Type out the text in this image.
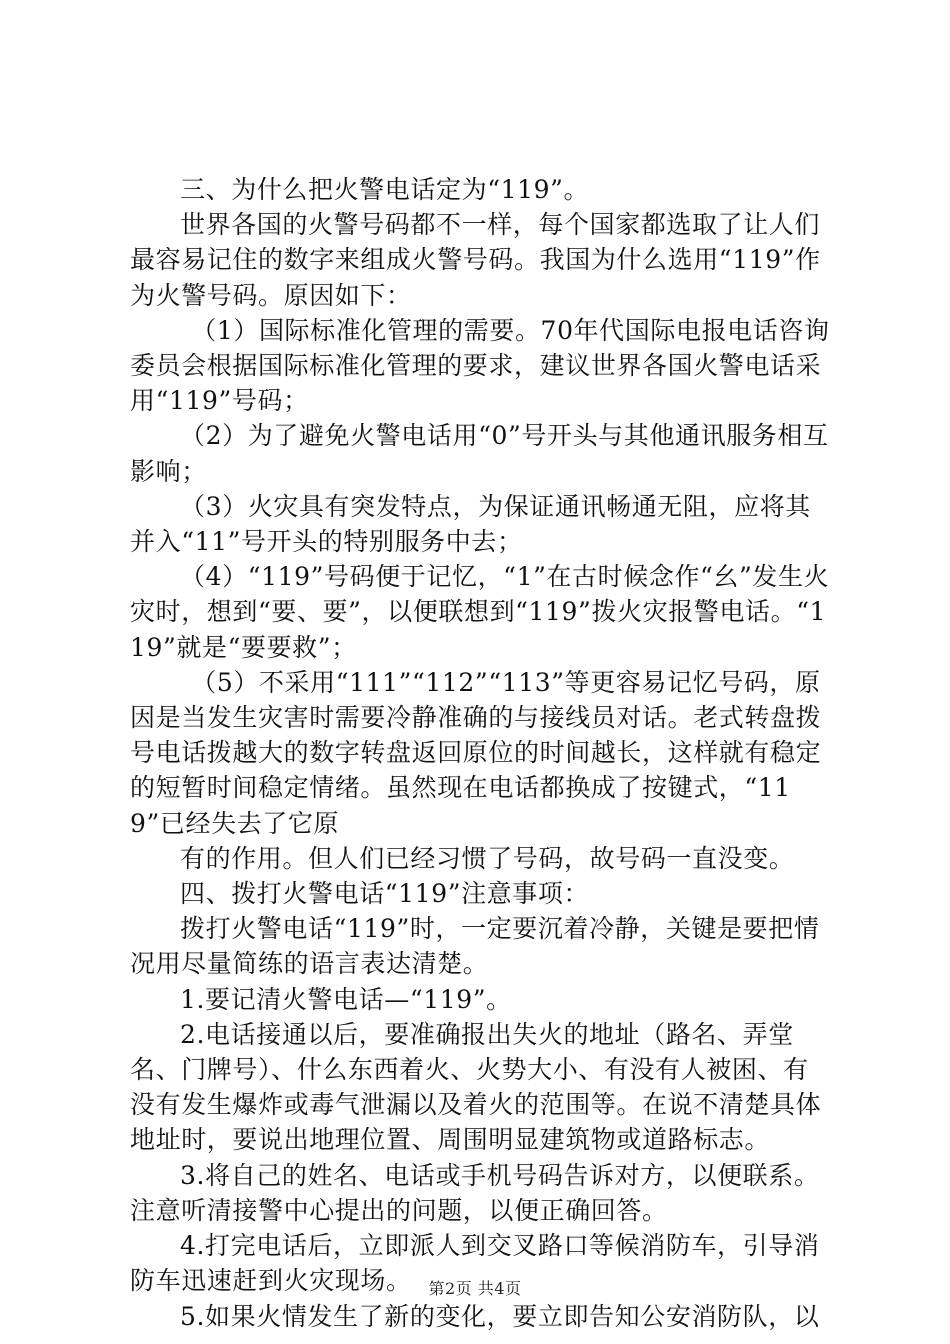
三、为什么把火警电话定为“119”。

世界各国的火警号码都不一样，每个国家都选取了让人们最容易记住的数字来组成火警号码。我国为什么选用“119”作为火警号码。原因如下：

（1）国际标准化管理的需要。70年代国际电报电话咨询委员会根据国际标准化管理的要求，建议世界各国火警电话采用“119”号码；

（2）为了避免火警电话用“0”号开头与其他通讯服务相互影响；

（3）火灾具有突发特点，为保证通讯畅通无阻，应将其并入“11”号开头的特别服务中去；

（4）“119”号码便于记忆，“1”在古时候念作“幺”发生火灾时，想到“要、要”，以便联想到“119”拨火灾报警电话。“119”就是“要要救”；

（5）不采用“111”“112”“113”等更容易记忆号码，原因是当发生灾害时需要冷静准确的与接线员对话。老式转盘拨号电话拨越大的数字转盘返回原位的时间越长，这样就有稳定的短暂时间稳定情绪。虽然现在电话都换成了按键式，“119”已经失去了它原

有的作用。但人们已经习惯了号码，故号码一直没变。

四、拨打火警电话“119”注意事项：

拨打火警电话“119”时，一定要沉着冷静，关键是要把情况用尽量简练的语言表达清楚。

1.要记清火警电话—“119”。

2.电话接通以后，要准确报出失火的地址（路名、弄堂名、门牌号）、什么东西着火、火势大小、有没有人被困、有没有发生爆炸或毒气泄漏以及着火的范围等。在说不清楚具体地址时，要说出地理位置、周围明显建筑物或道路标志。

3.将自己的姓名、电话或手机号码告诉对方，以便联系。注意听清接警中心提出的问题，以便正确回答。

4.打完电话后，立即派人到交叉路口等候消防车，引导消防车迅速赶到火灾现场。

5.如果火情发生了新的变化，要立即告知公安消防队，以

第2页 共4页
